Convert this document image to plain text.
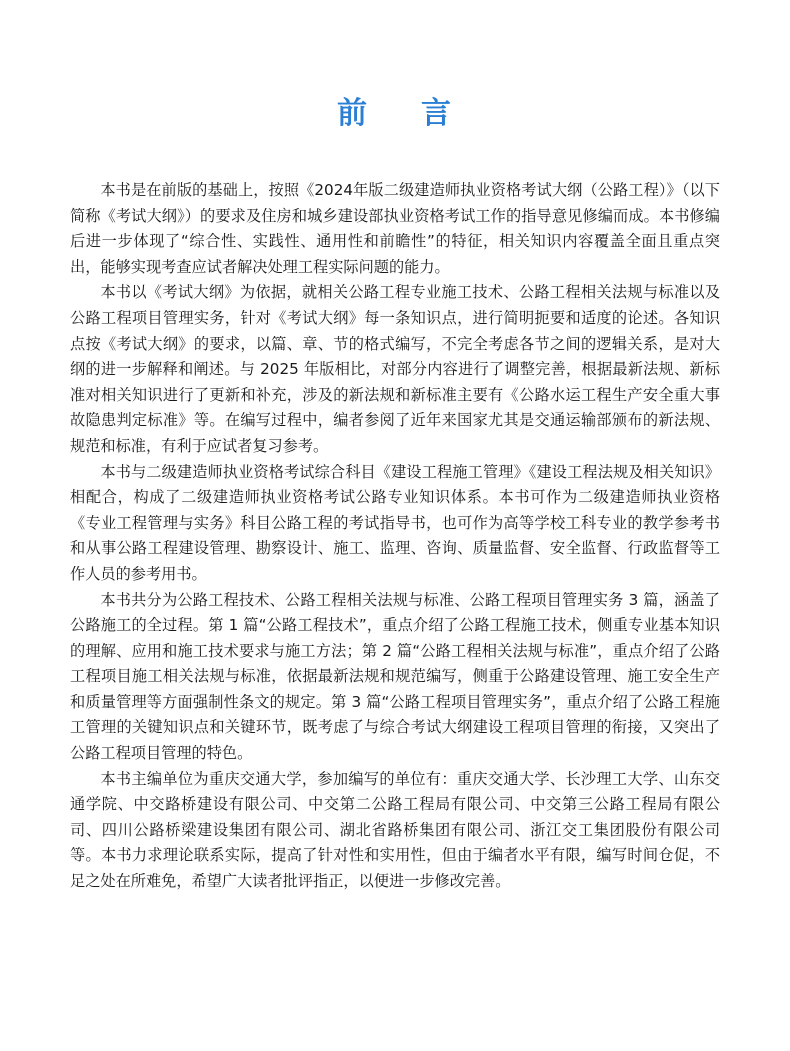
前 言

本书是在前版的基础上，按照《2024年版二级建造师执业资格考试大纲（公路工程）》（以下简称《考试大纲》）的要求及住房和城乡建设部执业资格考试工作的指导意见修编而成。本书修编后进一步体现了“综合性、实践性、通用性和前瞻性”的特征，相关知识内容覆盖全面且重点突出，能够实现考查应试者解决处理工程实际问题的能力。

本书以《考试大纲》为依据，就相关公路工程专业施工技术、公路工程相关法规与标准以及公路工程项目管理实务，针对《考试大纲》每一条知识点，进行简明扼要和适度的论述。各知识点按《考试大纲》的要求，以篇、章、节的格式编写，不完全考虑各节之间的逻辑关系，是对大纲的进一步解释和阐述。与 2025 年版相比，对部分内容进行了调整完善，根据最新法规、新标准对相关知识进行了更新和补充，涉及的新法规和新标准主要有《公路水运工程生产安全重大事故隐患判定标准》等。在编写过程中，编者参阅了近年来国家尤其是交通运输部颁布的新法规、规范和标准，有利于应试者复习参考。

本书与二级建造师执业资格考试综合科目《建设工程施工管理》《建设工程法规及相关知识》相配合，构成了二级建造师执业资格考试公路专业知识体系。本书可作为二级建造师执业资格《专业工程管理与实务》科目公路工程的考试指导书，也可作为高等学校工科专业的教学参考书和从事公路工程建设管理、勘察设计、施工、监理、咨询、质量监督、安全监督、行政监督等工作人员的参考用书。

本书共分为公路工程技术、公路工程相关法规与标准、公路工程项目管理实务 3 篇，涵盖了公路施工的全过程。第 1 篇“公路工程技术”，重点介绍了公路工程施工技术，侧重专业基本知识的理解、应用和施工技术要求与施工方法；第 2 篇“公路工程相关法规与标准”，重点介绍了公路工程项目施工相关法规与标准，依据最新法规和规范编写，侧重于公路建设管理、施工安全生产和质量管理等方面强制性条文的规定。第 3 篇“公路工程项目管理实务”，重点介绍了公路工程施工管理的关键知识点和关键环节，既考虑了与综合考试大纲建设工程项目管理的衔接，又突出了公路工程项目管理的特色。

本书主编单位为重庆交通大学，参加编写的单位有：重庆交通大学、长沙理工大学、山东交通学院、中交路桥建设有限公司、中交第二公路工程局有限公司、中交第三公路工程局有限公司、四川公路桥梁建设集团有限公司、湖北省路桥集团有限公司、浙江交工集团股份有限公司等。本书力求理论联系实际，提高了针对性和实用性，但由于编者水平有限，编写时间仓促，不足之处在所难免，希望广大读者批评指正，以便进一步修改完善。
